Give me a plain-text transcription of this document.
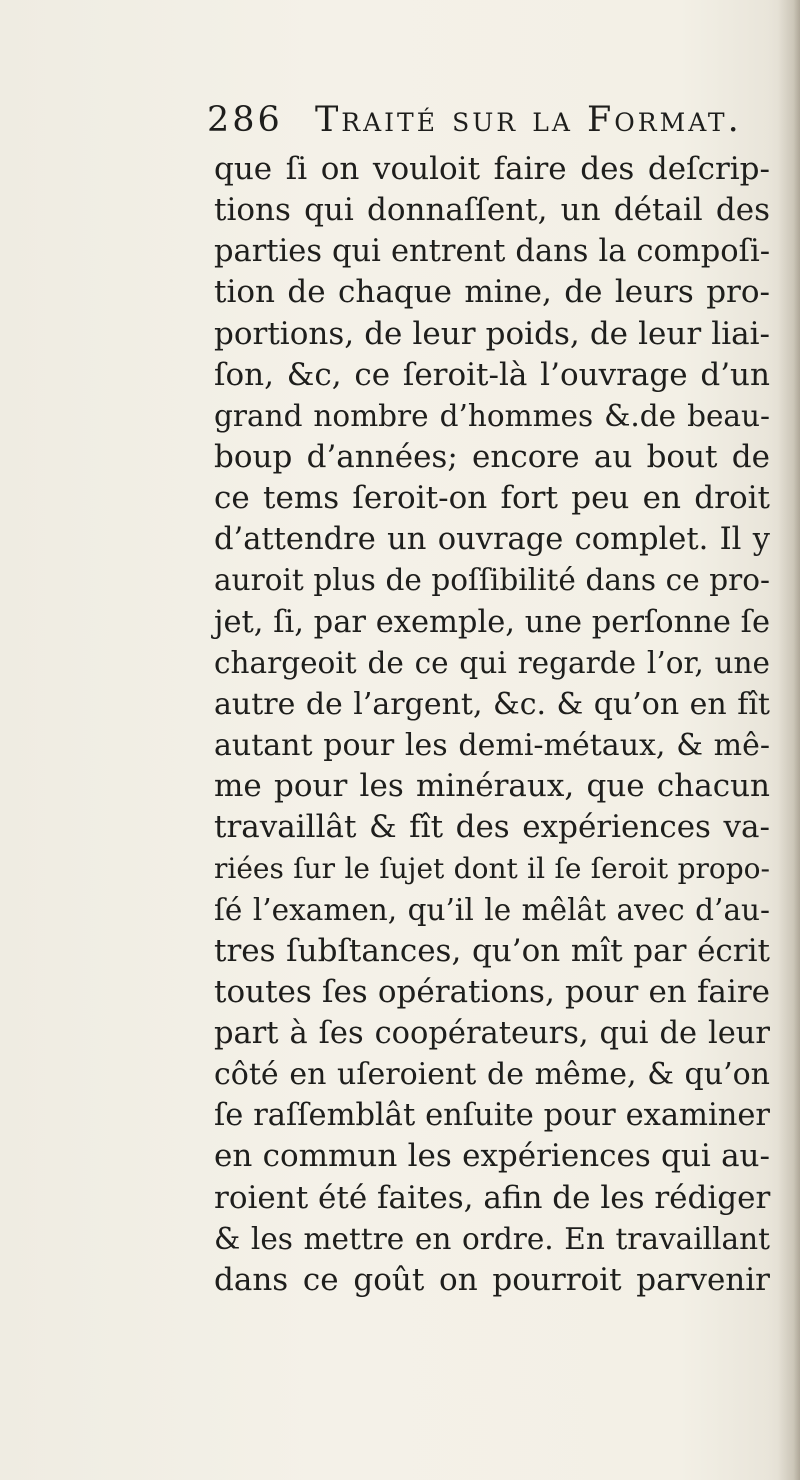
286 Traité sur la Format.
que ſi on vouloit faire des deſcrip-
tions qui donnaſſent, un détail des
parties qui entrent dans la compoſi-
tion de chaque mine, de leurs pro-
portions, de leur poids, de leur liai-
ſon, &c, ce ſeroit-là l’ouvrage d’un
grand nombre d’hommes &.de beau-
boup d’années; encore au bout de
ce tems ſeroit-on fort peu en droit
d’attendre un ouvrage complet. Il y
auroit plus de poſſibilité dans ce pro-
jet, ſi, par exemple, une perſonne ſe
chargeoit de ce qui regarde l’or, une
autre de l’argent, &c. & qu’on en fît
autant pour les demi-métaux, & mê-
me pour les minéraux, que chacun
travaillât & fît des expériences va-
riées ſur le ſujet dont il ſe ſeroit propo-
ſé l’examen, qu’il le mêlât avec d’au-
tres ſubſtances, qu’on mît par écrit
toutes ſes opérations, pour en faire
part à ſes coopérateurs, qui de leur
côté en uſeroient de même, & qu’on
ſe raſſemblât enſuite pour examiner
en commun les expériences qui au-
roient été faites, afin de les rédiger
& les mettre en ordre. En travaillant
dans ce goût on pourroit parvenir
